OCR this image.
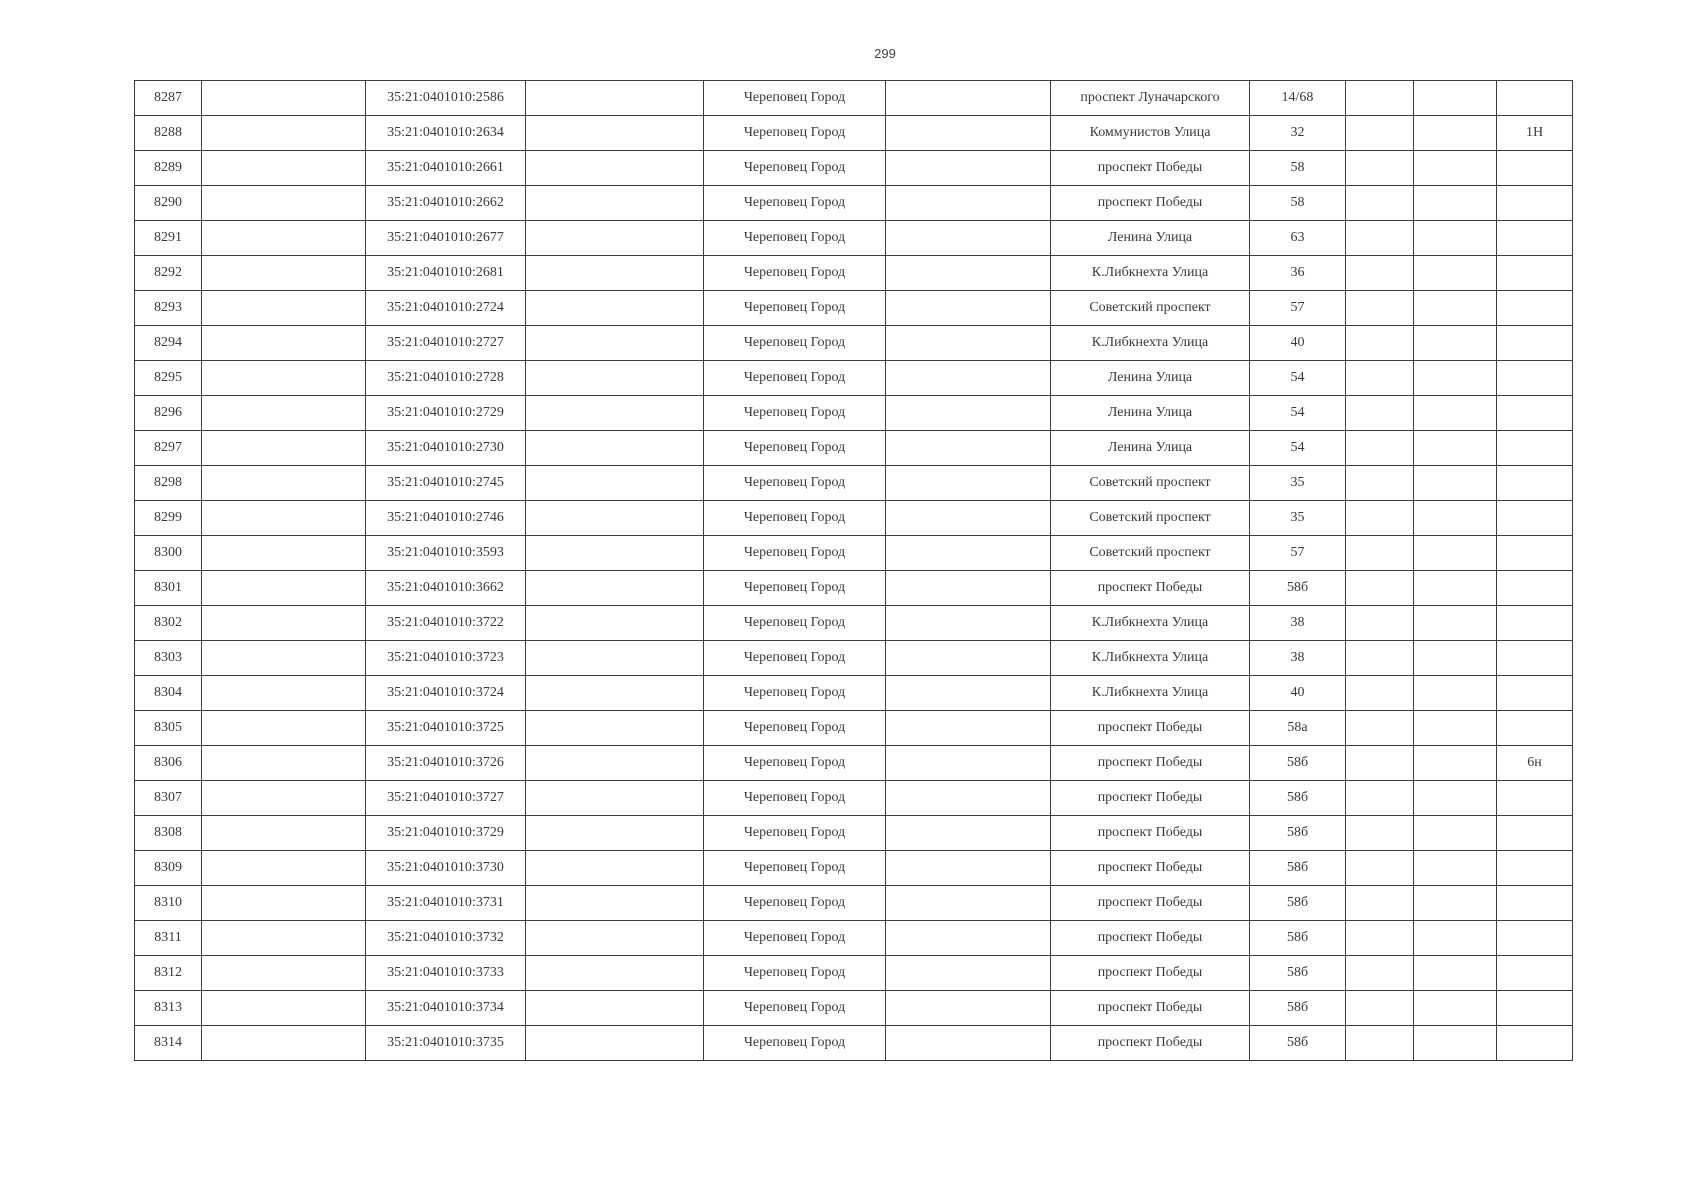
299
8287		35:21:0401010:2586		Череповец Город		проспект Луначарского	14/68			
8288		35:21:0401010:2634		Череповец Город		Коммунистов Улица	32			1Н
8289		35:21:0401010:2661		Череповец Город		проспект Победы	58			
8290		35:21:0401010:2662		Череповец Город		проспект Победы	58			
8291		35:21:0401010:2677		Череповец Город		Ленина Улица	63			
8292		35:21:0401010:2681		Череповец Город		К.Либкнехта Улица	36			
8293		35:21:0401010:2724		Череповец Город		Советский проспект	57			
8294		35:21:0401010:2727		Череповец Город		К.Либкнехта Улица	40			
8295		35:21:0401010:2728		Череповец Город		Ленина Улица	54			
8296		35:21:0401010:2729		Череповец Город		Ленина Улица	54			
8297		35:21:0401010:2730		Череповец Город		Ленина Улица	54			
8298		35:21:0401010:2745		Череповец Город		Советский проспект	35			
8299		35:21:0401010:2746		Череповец Город		Советский проспект	35			
8300		35:21:0401010:3593		Череповец Город		Советский проспект	57			
8301		35:21:0401010:3662		Череповец Город		проспект Победы	58б			
8302		35:21:0401010:3722		Череповец Город		К.Либкнехта Улица	38			
8303		35:21:0401010:3723		Череповец Город		К.Либкнехта Улица	38			
8304		35:21:0401010:3724		Череповец Город		К.Либкнехта Улица	40			
8305		35:21:0401010:3725		Череповец Город		проспект Победы	58а			
8306		35:21:0401010:3726		Череповец Город		проспект Победы	58б			6н
8307		35:21:0401010:3727		Череповец Город		проспект Победы	58б			
8308		35:21:0401010:3729		Череповец Город		проспект Победы	58б			
8309		35:21:0401010:3730		Череповец Город		проспект Победы	58б			
8310		35:21:0401010:3731		Череповец Город		проспект Победы	58б			
8311		35:21:0401010:3732		Череповец Город		проспект Победы	58б			
8312		35:21:0401010:3733		Череповец Город		проспект Победы	58б			
8313		35:21:0401010:3734		Череповец Город		проспект Победы	58б			
8314		35:21:0401010:3735		Череповец Город		проспект Победы	58б			
